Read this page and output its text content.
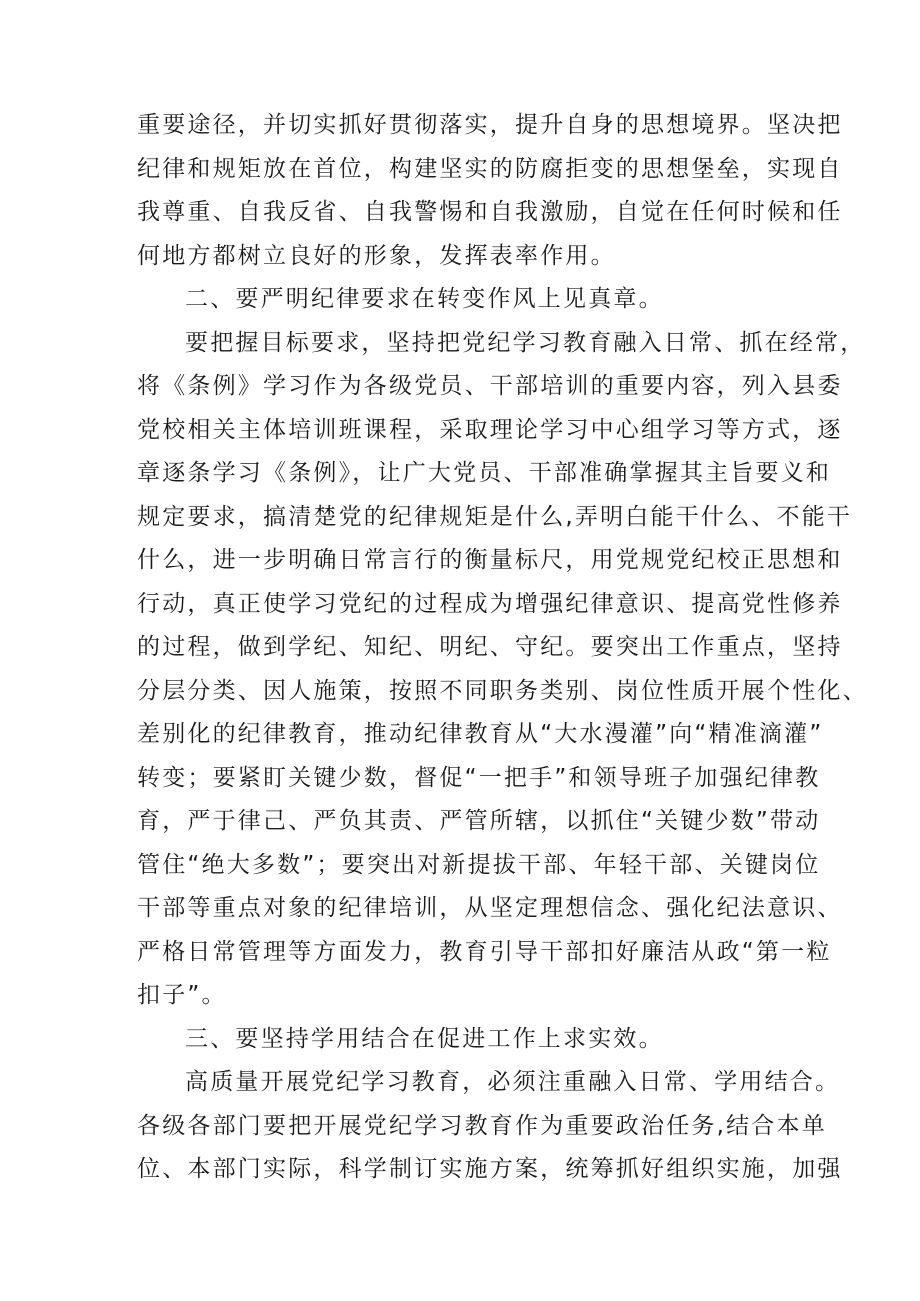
重要途径，并切实抓好贯彻落实，提升自身的思想境界。坚决把
纪律和规矩放在首位，构建坚实的防腐拒变的思想堡垒，实现自
我尊重、自我反省、自我警惕和自我激励，自觉在任何时候和任
何地方都树立良好的形象，发挥表率作用。
二、要严明纪律要求在转变作风上见真章。
要把握目标要求，坚持把党纪学习教育融入日常、抓在经常，
将《条例》学习作为各级党员、干部培训的重要内容，列入县委
党校相关主体培训班课程，采取理论学习中心组学习等方式，逐
章逐条学习《条例》，让广大党员、干部准确掌握其主旨要义和
规定要求，搞清楚党的纪律规矩是什么,弄明白能干什么、不能干
什么，进一步明确日常言行的衡量标尺，用党规党纪校正思想和
行动，真正使学习党纪的过程成为增强纪律意识、提高党性修养
的过程，做到学纪、知纪、明纪、守纪。要突出工作重点，坚持
分层分类、因人施策，按照不同职务类别、岗位性质开展个性化、
差别化的纪律教育，推动纪律教育从“大水漫灌”向“精准滴灌”
转变；要紧盯关键少数，督促“一把手”和领导班子加强纪律教
育，严于律己、严负其责、严管所辖，以抓住“关键少数”带动
管住“绝大多数”；要突出对新提拔干部、年轻干部、关键岗位
干部等重点对象的纪律培训，从坚定理想信念、强化纪法意识、
严格日常管理等方面发力，教育引导干部扣好廉洁从政“第一粒
扣子”。
三、要坚持学用结合在促进工作上求实效。
高质量开展党纪学习教育，必须注重融入日常、学用结合。
各级各部门要把开展党纪学习教育作为重要政治任务,结合本单
位、本部门实际，科学制订实施方案，统筹抓好组织实施，加强
